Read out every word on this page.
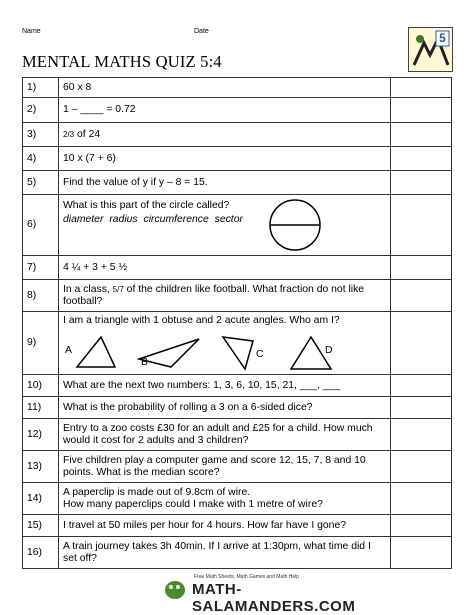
Name	Date
MENTAL MATHS QUIZ 5:4
5
1)	60 x 8	
2)	1 – ____ = 0.72	
3)	2/3 of 24	
4)	10 x (7 + 6)	
5)	Find the value of y if y – 8 = 15.	
6)	What is this part of the circle called?
diameter radius circumference sector	

7)	4 ¼ + 3 + 5 ½	
8)	In a class, 5/7 of the children like football. What fraction do not like football?	
9)	I am a triangle with 1 obtuse and 2 acute angles. Who am I?
A
B
C D	

10)	What are the next two numbers: 1, 3, 6, 10, 15, 21, ___, ___	
11)	What is the probability of rolling a 3 on a 6-sided dice?	
12)	Entry to a zoo costs £30 for an adult and £25 for a child. How much would it cost for 2 adults and 3 children?	
13)	Five children play a computer game and score 12, 15, 7, 8 and 10 points. What is the median score?	
14)	A paperclip is made out of 9.8cm of wire.
How many paperclips could I make with 1 metre of wire?	

15)	I travel at 50 miles per hour for 4 hours. How far have I gone?	
16)	A train journey takes 3h 40min. If I arrive at 1:30pm, what time did I set off?	
Free Math Sheets, Math Games and Math Help
MATH-SALAMANDERS.COM
